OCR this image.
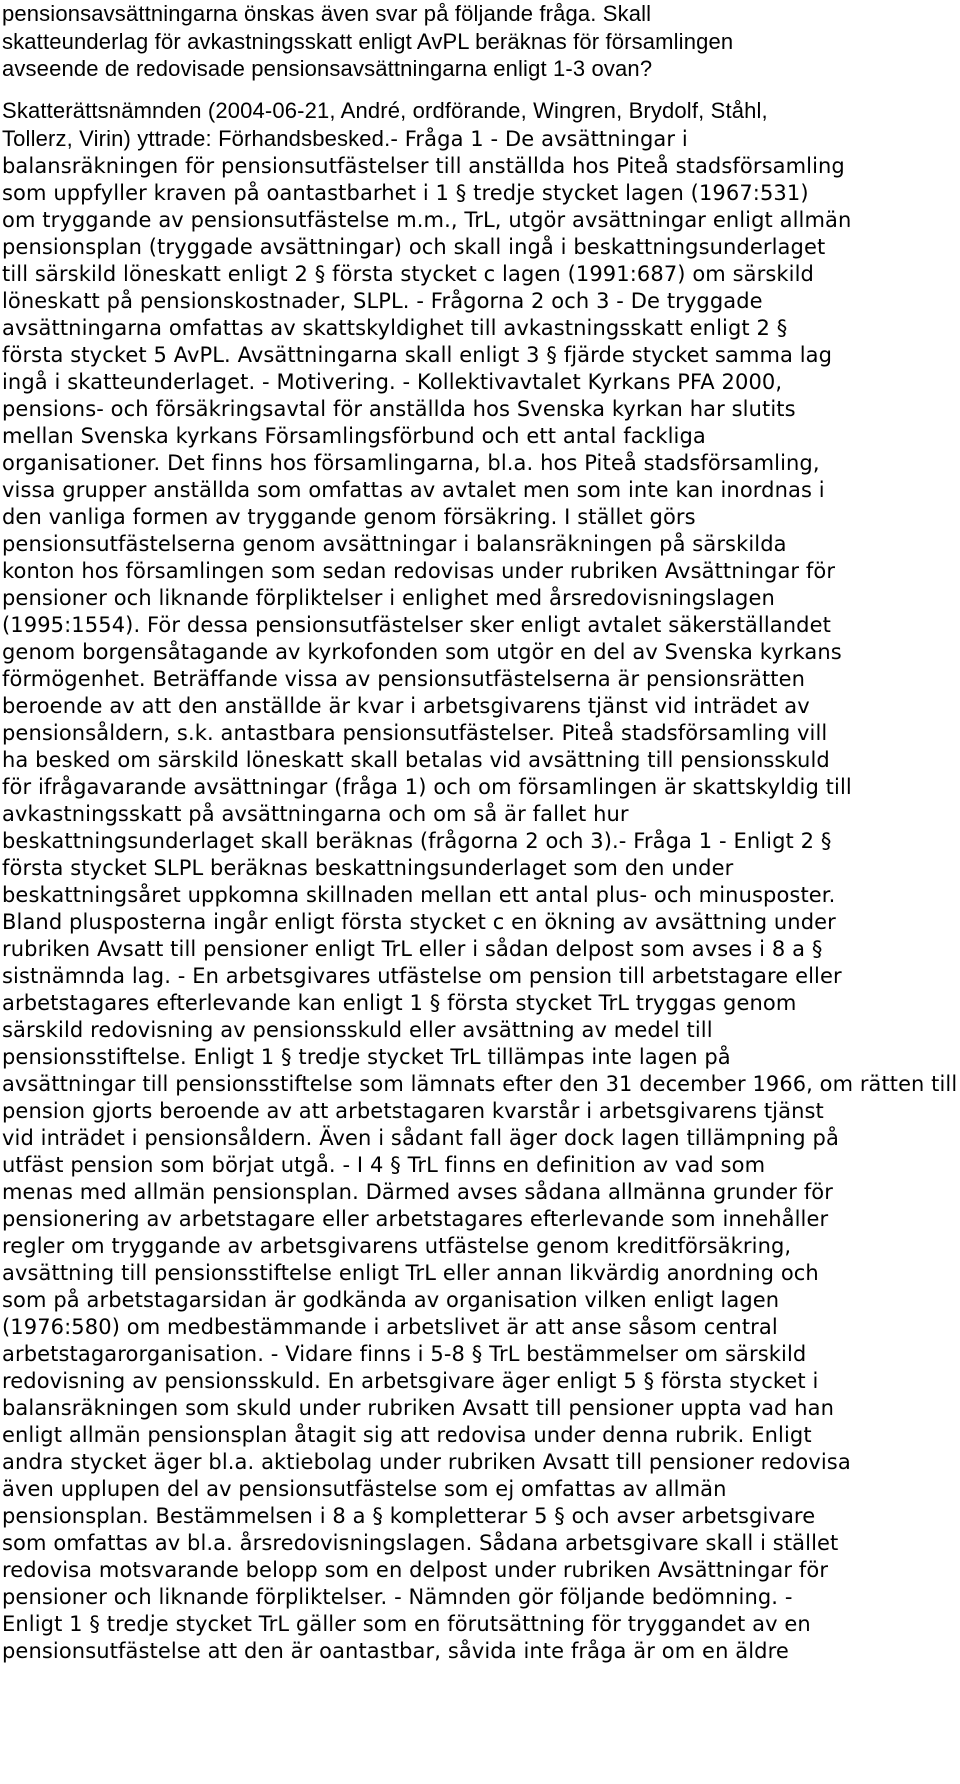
pensionsavsättningarna önskas även svar på följande fråga. Skall
skatteunderlag för avkastningsskatt enligt AvPL beräknas för församlingen
avseende de redovisade pensionsavsättningarna enligt 1-3 ovan?
Skatterättsnämnden (2004-06-21, André, ordförande, Wingren, Brydolf, Ståhl,
Tollerz, Virin) yttrade: Förhandsbesked. - Fråga 1 - De avsättningar i
balansräkningen för pensionsutfästelser till anställda hos Piteå stadsförsamling
som uppfyller kraven på oantastbarhet i 1 § tredje stycket lagen (1967:531)
om tryggande av pensionsutfästelse m.m., TrL, utgör avsättningar enligt allmän
pensionsplan (tryggade avsättningar) och skall ingå i beskattningsunderlaget
till särskild löneskatt enligt 2 § första stycket c lagen (1991:687) om särskild
löneskatt på pensionskostnader, SLPL. - Frågorna 2 och 3 - De tryggade
avsättningarna omfattas av skattskyldighet till avkastningsskatt enligt 2 §
första stycket 5 AvPL. Avsättningarna skall enligt 3 § fjärde stycket samma lag
ingå i skatteunderlaget. - Motivering. - Kollektivavtalet Kyrkans PFA 2000,
pensions- och försäkringsavtal för anställda hos Svenska kyrkan har slutits
mellan Svenska kyrkans Församlingsförbund och ett antal fackliga
organisationer. Det finns hos församlingarna, bl.a. hos Piteå stadsförsamling,
vissa grupper anställda som omfattas av avtalet men som inte kan inordnas i
den vanliga formen av tryggande genom försäkring. I stället görs
pensionsutfästelserna genom avsättningar i balansräkningen på särskilda
konton hos församlingen som sedan redovisas under rubriken Avsättningar för
pensioner och liknande förpliktelser i enlighet med årsredovisningslagen
(1995:1554). För dessa pensionsutfästelser sker enligt avtalet säkerställandet
genom borgensåtagande av kyrkofonden som utgör en del av Svenska kyrkans
förmögenhet. Beträffande vissa av pensionsutfästelserna är pensionsrätten
beroende av att den anställde är kvar i arbetsgivarens tjänst vid inträdet av
pensionsåldern, s.k. antastbara pensionsutfästelser. Piteå stadsförsamling vill
ha besked om särskild löneskatt skall betalas vid avsättning till pensionsskuld
för ifrågavarande avsättningar (fråga 1) och om församlingen är skattskyldig till
avkastningsskatt på avsättningarna och om så är fallet hur
beskattningsunderlaget skall beräknas (frågorna 2 och 3).- Fråga 1 - Enligt 2 §
första stycket SLPL beräknas beskattningsunderlaget som den under
beskattningsåret uppkomna skillnaden mellan ett antal plus- och minusposter.
Bland plusposterna ingår enligt första stycket c en ökning av avsättning under
rubriken Avsatt till pensioner enligt TrL eller i sådan delpost som avses i 8 a §
sistnämnda lag. - En arbetsgivares utfästelse om pension till arbetstagare eller
arbetstagares efterlevande kan enligt 1 § första stycket TrL tryggas genom
särskild redovisning av pensionsskuld eller avsättning av medel till
pensionsstiftelse. Enligt 1 § tredje stycket TrL tillämpas inte lagen på
avsättningar till pensionsstiftelse som lämnats efter den 31 december 1966, om rätten till
pension gjorts beroende av att arbetstagaren kvarstår i arbetsgivarens tjänst
vid inträdet i pensionsåldern. Även i sådant fall äger dock lagen tillämpning på
utfäst pension som börjat utgå. - I 4 § TrL finns en definition av vad som
menas med allmän pensionsplan. Därmed avses sådana allmänna grunder för
pensionering av arbetstagare eller arbetstagares efterlevande som innehåller
regler om tryggande av arbetsgivarens utfästelse genom kreditförsäkring,
avsättning till pensionsstiftelse enligt TrL eller annan likvärdig anordning och
som på arbetstagarsidan är godkända av organisation vilken enligt lagen
(1976:580) om medbestämmande i arbetslivet är att anse såsom central
arbetstagarorganisation. - Vidare finns i 5-8 § TrL bestämmelser om särskild
redovisning av pensionsskuld. En arbetsgivare äger enligt 5 § första stycket i
balansräkningen som skuld under rubriken Avsatt till pensioner uppta vad han
enligt allmän pensionsplan åtagit sig att redovisa under denna rubrik. Enligt
andra stycket äger bl.a. aktiebolag under rubriken Avsatt till pensioner redovisa
även upplupen del av pensionsutfästelse som ej omfattas av allmän
pensionsplan. Bestämmelsen i 8 a § kompletterar 5 § och avser arbetsgivare
som omfattas av bl.a. årsredovisningslagen. Sådana arbetsgivare skall i stället
redovisa motsvarande belopp som en delpost under rubriken Avsättningar för
pensioner och liknande förpliktelser. - Nämnden gör följande bedömning. -
Enligt 1 § tredje stycket TrL gäller som en förutsättning för tryggandet av en
pensionsutfästelse att den är oantastbar, såvida inte fråga är om en äldre
